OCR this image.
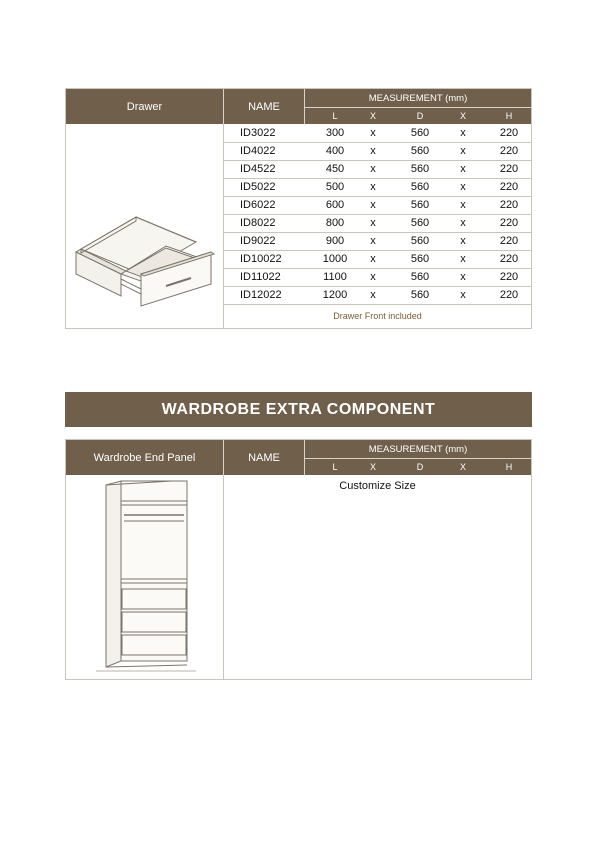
Drawer	NAME
MEASUREMENT (mm)
L	X	D	X	H
ID3022	300 x	560	x	220
ID4022	400 x	560	x	220
ID4522	450 x	560	x	220
ID5022	500 x	560	x	220
ID6022	600 x	560	x	220
ID8022	800 x	560	x	220
ID9022	900 x	560	x	220
ID10022	1000 x	560	x	220
ID11022	1100 x	560	x	220
ID12022	1200 x	560	x	220
Drawer Front included
WARDROBE EXTRA COMPONENT
Wardrobe End Panel	NAME
MEASUREMENT (mm)
L	X	D	X	H
Customize Size
